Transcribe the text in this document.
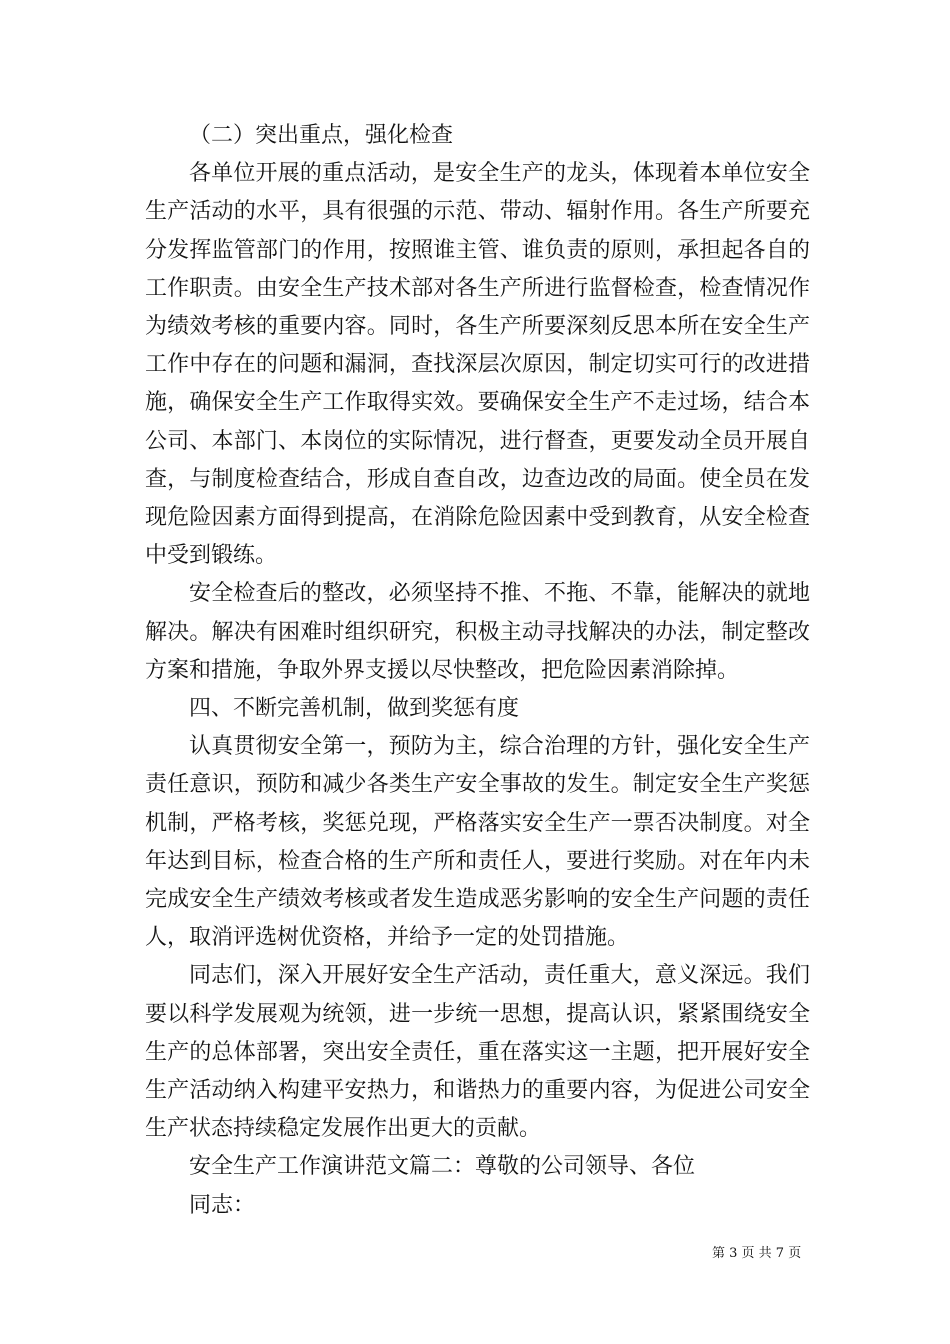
（二）突出重点，强化检查

各单位开展的重点活动，是安全生产的龙头，体现着本单位安全生产活动的水平，具有很强的示范、带动、辐射作用。各生产所要充分发挥监管部门的作用，按照谁主管、谁负责的原则，承担起各自的工作职责。由安全生产技术部对各生产所进行监督检查，检查情况作为绩效考核的重要内容。同时，各生产所要深刻反思本所在安全生产工作中存在的问题和漏洞，查找深层次原因，制定切实可行的改进措施，确保安全生产工作取得实效。要确保安全生产不走过场，结合本公司、本部门、本岗位的实际情况，进行督查，更要发动全员开展自查，与制度检查结合，形成自查自改，边查边改的局面。使全员在发现危险因素方面得到提高，在消除危险因素中受到教育，从安全检查中受到锻练。

安全检查后的整改，必须坚持不推、不拖、不靠，能解决的就地解决。解决有困难时组织研究，积极主动寻找解决的办法，制定整改方案和措施，争取外界支援以尽快整改，把危险因素消除掉。

四、不断完善机制，做到奖惩有度

认真贯彻安全第一，预防为主，综合治理的方针，强化安全生产责任意识，预防和减少各类生产安全事故的发生。制定安全生产奖惩机制，严格考核，奖惩兑现，严格落实安全生产一票否决制度。对全年达到目标，检查合格的生产所和责任人，要进行奖励。对在年内未完成安全生产绩效考核或者发生造成恶劣影响的安全生产问题的责任人，取消评选树优资格，并给予一定的处罚措施。

同志们，深入开展好安全生产活动，责任重大，意义深远。我们要以科学发展观为统领，进一步统一思想，提高认识，紧紧围绕安全生产的总体部署，突出安全责任，重在落实这一主题，把开展好安全生产活动纳入构建平安热力，和谐热力的重要内容，为促进公司安全生产状态持续稳定发展作出更大的贡献。

安全生产工作演讲范文篇二：尊敬的公司领导、各位

同志：

第 3 页 共 7 页
